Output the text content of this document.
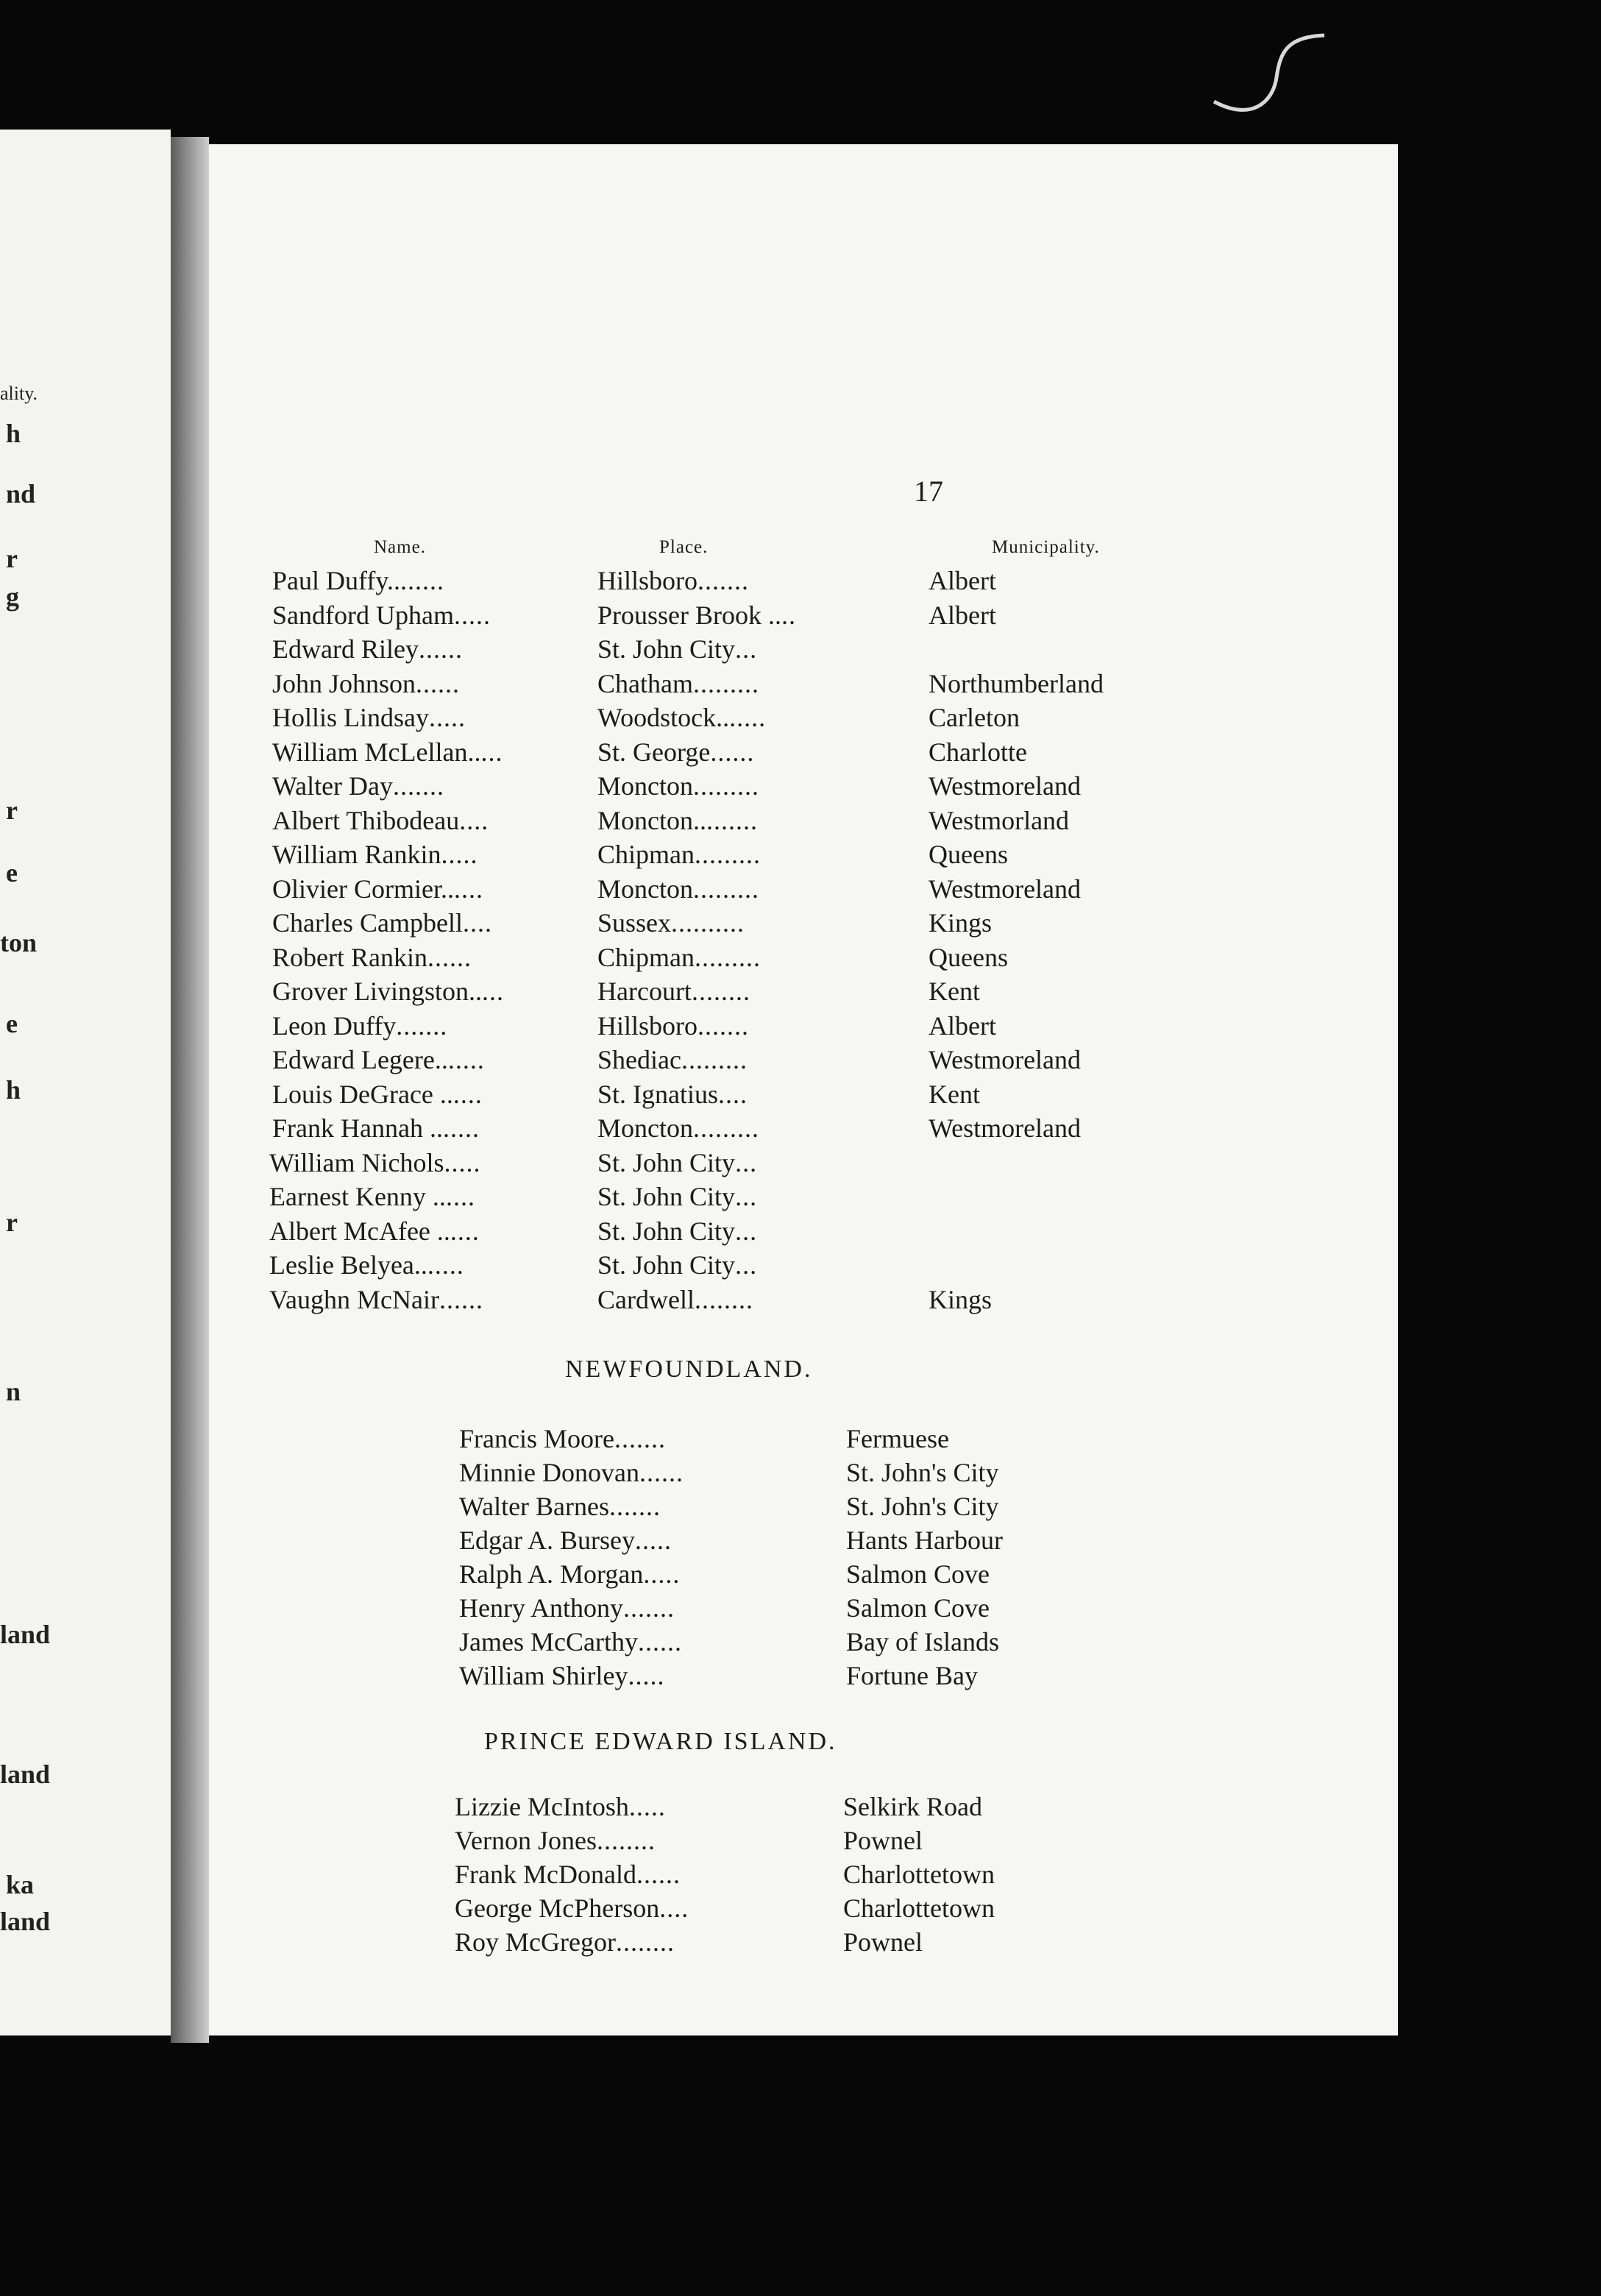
ality.
h
nd
r
g
r
e
ton
e
h
r
n
land
land
ka
land
17
Name.	Place.	Municipality.
Paul Duffy........	Hillsboro.......	Albert
Sandford Upham.....	Prousser Brook ....	Albert
Edward Riley......	St. John City...
John Johnson......	Chatham.........	Northumberland
Hollis Lindsay.....	Woodstock.......	Carleton
William McLellan.....	St. George......	Charlotte
Walter Day.......	Moncton.........	Westmoreland
Albert Thibodeau....	Moncton.........	Westmorland
William Rankin.....	Chipman.........	Queens
Olivier Cormier......	Moncton.........	Westmoreland
Charles Campbell....	Sussex..........	Kings
Robert Rankin......	Chipman.........	Queens
Grover Livingston.....	Harcourt........	Kent
Leon Duffy.......	Hillsboro.......	Albert
Edward Legere.......	Shediac.........	Westmoreland
Louis DeGrace ......	St. Ignatius....	Kent
Frank Hannah .......	Moncton.........	Westmoreland
William Nichols.....	St. John City...
Earnest Kenny ......	St. John City...
Albert McAfee ......	St. John City...
Leslie Belyea.......	St. John City...
Vaughn McNair......	Cardwell........	Kings
NEWFOUNDLAND.
Francis Moore.......	Fermuese
Minnie Donovan......	St. John's City
Walter Barnes.......	St. John's City
Edgar A. Bursey.....	Hants Harbour
Ralph A. Morgan.....	Salmon Cove
Henry Anthony.......	Salmon Cove
James McCarthy......	Bay of Islands
William Shirley.....	Fortune Bay
PRINCE EDWARD ISLAND.
Lizzie McIntosh.....	Selkirk Road
Vernon Jones........	Pownel
Frank McDonald......	Charlottetown
George McPherson....	Charlottetown
Roy McGregor........	Pownel
